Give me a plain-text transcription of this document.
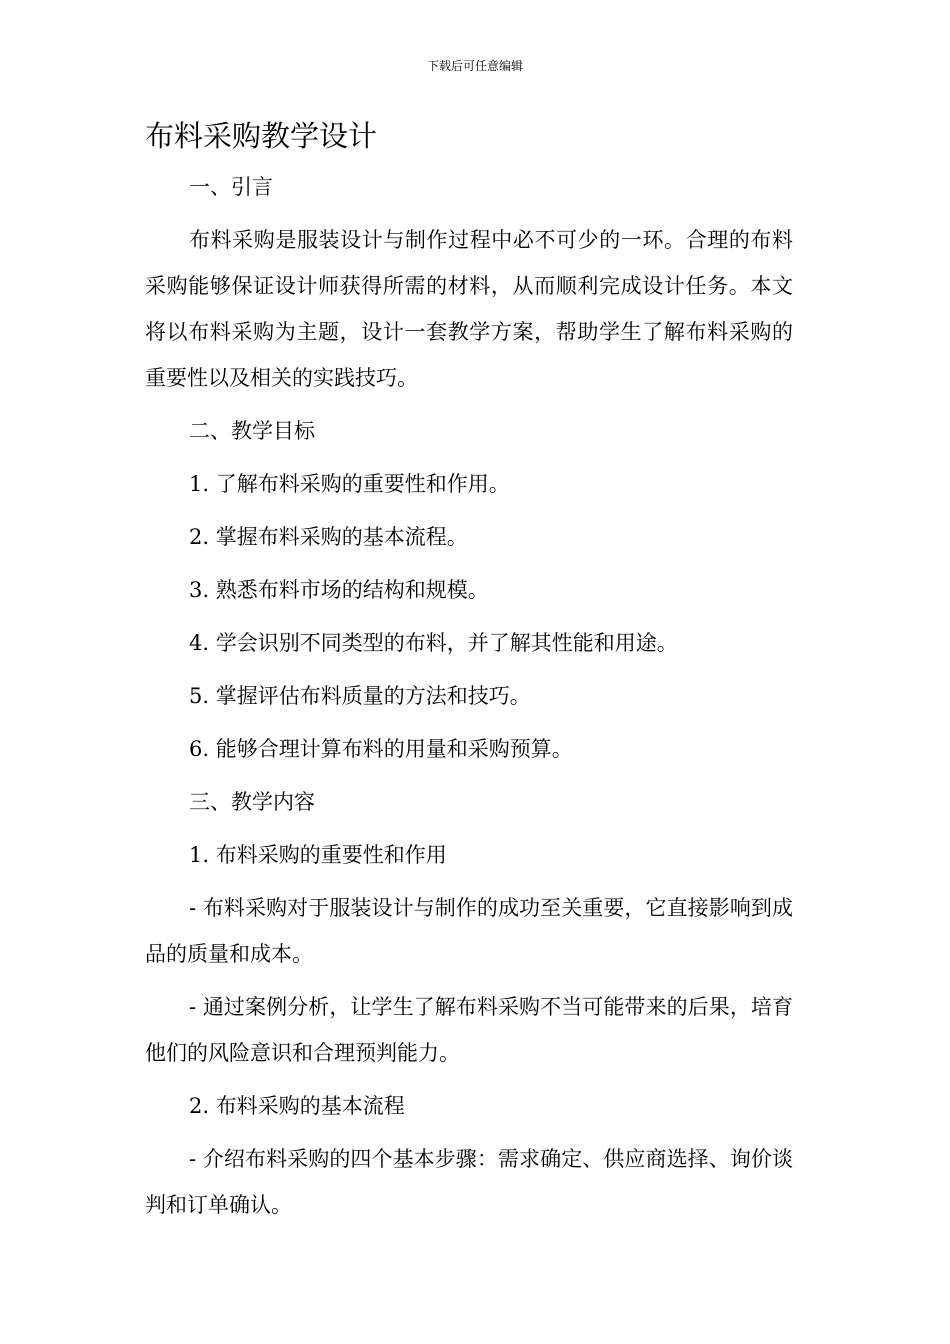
下载后可任意编辑
布料采购教学设计

一、引言

布料采购是服装设计与制作过程中必不可少的一环。合理的布料采购能够保证设计师获得所需的材料，从而顺利完成设计任务。本文将以布料采购为主题，设计一套教学方案，帮助学生了解布料采购的重要性以及相关的实践技巧。

二、教学目标

1. 了解布料采购的重要性和作用。

2. 掌握布料采购的基本流程。

3. 熟悉布料市场的结构和规模。

4. 学会识别不同类型的布料，并了解其性能和用途。

5. 掌握评估布料质量的方法和技巧。

6. 能够合理计算布料的用量和采购预算。

三、教学内容

1. 布料采购的重要性和作用

- 布料采购对于服装设计与制作的成功至关重要，它直接影响到成品的质量和成本。

- 通过案例分析，让学生了解布料采购不当可能带来的后果，培育他们的风险意识和合理预判能力。

2. 布料采购的基本流程

- 介绍布料采购的四个基本步骤：需求确定、供应商选择、询价谈判和订单确认。
